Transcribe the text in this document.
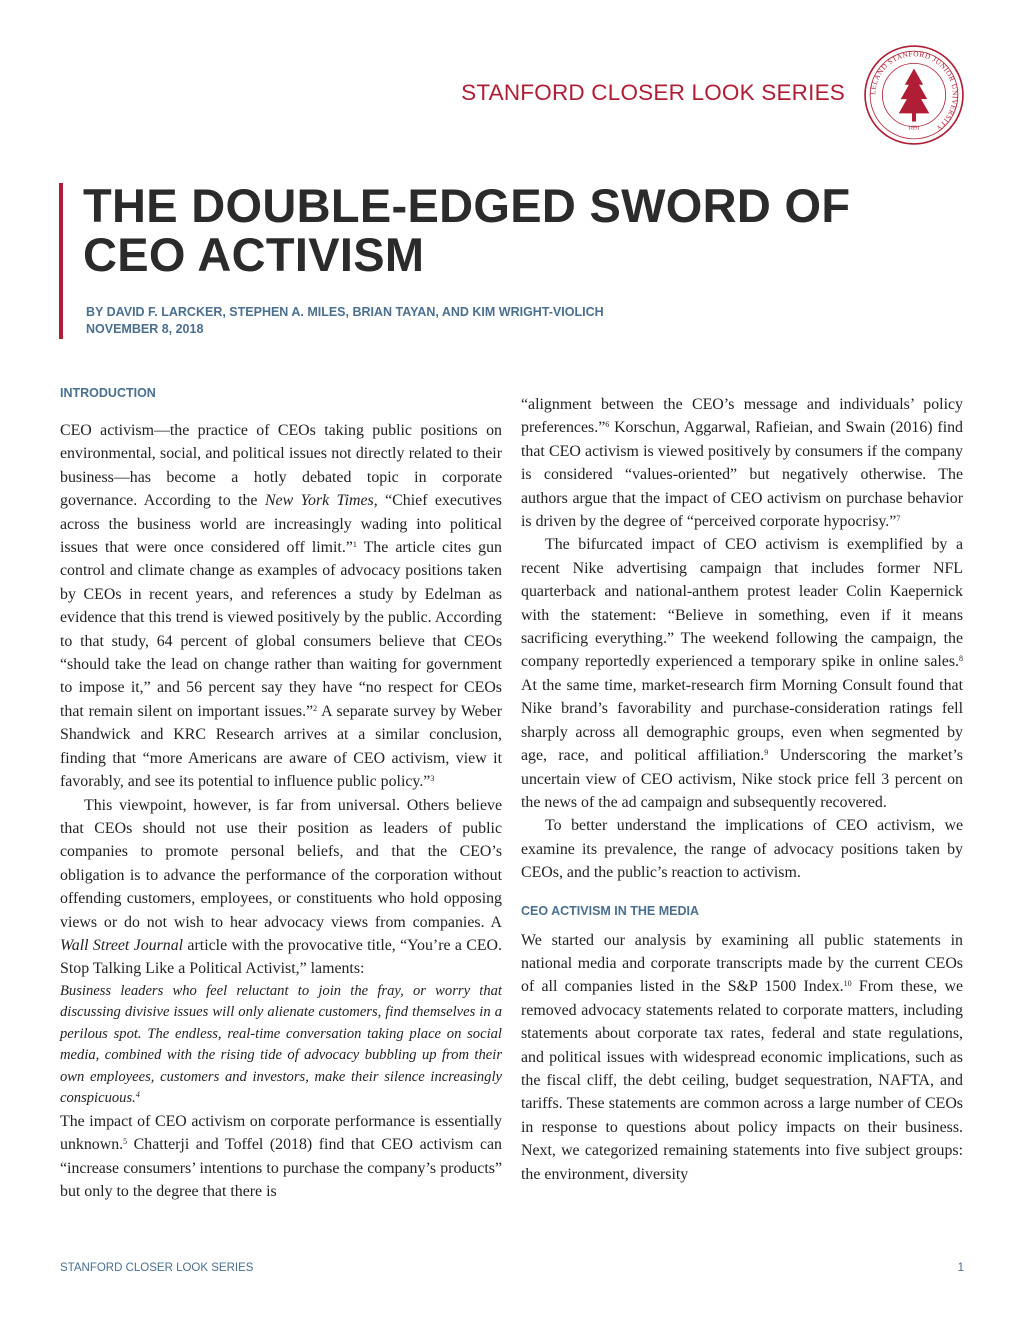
STANFORD CLOSER LOOK SERIES	LELAND STANFORD JUNIOR UNIVERSITY
1891
THE DOUBLE-EDGED SWORD OF
CEO ACTIVISM
BY DAVID F. LARCKER, STEPHEN A. MILES, BRIAN TAYAN, AND KIM WRIGHT-VIOLICH
NOVEMBER 8, 2018
INTRODUCTION

CEO activism—the practice of CEOs taking public positions on environmental, social, and political issues not directly related to their business—has become a hotly debated topic in corporate governance. According to the New York Times, “Chief executives across the business world are increasingly wading into political issues that were once considered off limit.”$^1$ The article cites gun control and climate change as examples of advocacy positions taken by CEOs in recent years, and references a study by Edelman as evidence that this trend is viewed positively by the public. According to that study, 64 percent of global consumers believe that CEOs “should take the lead on change rather than waiting for government to impose it,” and 56 percent say they have “no respect for CEOs that remain silent on important issues.”$^2$ A separate survey by Weber Shandwick and KRC Research arrives at a similar conclusion, finding that “more Americans are aware of CEO activism, view it favorably, and see its potential to influence public policy.”$^3$

This viewpoint, however, is far from universal. Others believe that CEOs should not use their position as leaders of public companies to promote personal beliefs, and that the CEO’s obligation is to advance the performance of the corporation without offending customers, employees, or constituents who hold opposing views or do not wish to hear advocacy views from companies. A Wall Street Journal article with the provocative title, “You’re a CEO. Stop Talking Like a Political Activist,” laments:

Business leaders who feel reluctant to join the fray, or worry that discussing divisive issues will only alienate customers, find themselves in a perilous spot. The endless, real-time conversation taking place on social media, combined with the rising tide of advocacy bubbling up from their own employees, customers and investors, make their silence increasingly conspicuous.$^4$

The impact of CEO activism on corporate performance is essentially unknown.$^5$ Chatterji and Toffel (2018) find that CEO activism can “increase consumers’ intentions to purchase the company’s products” but only to the degree that there is

“alignment between the CEO’s message and individuals’ policy preferences.”$^6$ Korschun, Aggarwal, Rafieian, and Swain (2016) find that CEO activism is viewed positively by consumers if the company is considered “values-oriented” but negatively otherwise. The authors argue that the impact of CEO activism on purchase behavior is driven by the degree of “perceived corporate hypocrisy.”$^7$

The bifurcated impact of CEO activism is exemplified by a recent Nike advertising campaign that includes former NFL quarterback and national-anthem protest leader Colin Kaepernick with the statement: “Believe in something, even if it means sacrificing everything.” The weekend following the campaign, the company reportedly experienced a temporary spike in online sales.$^8$ At the same time, market-research firm Morning Consult found that Nike brand’s favorability and purchase-consideration ratings fell sharply across all demographic groups, even when segmented by age, race, and political affiliation.$^9$ Underscoring the market’s uncertain view of CEO activism, Nike stock price fell 3 percent on the news of the ad campaign and subsequently recovered.

To better understand the implications of CEO activism, we examine its prevalence, the range of advocacy positions taken by CEOs, and the public’s reaction to activism.

CEO ACTIVISM IN THE MEDIA

We started our analysis by examining all public statements in national media and corporate transcripts made by the current CEOs of all companies listed in the S&P 1500 Index.$^{10}$ From these, we removed advocacy statements related to corporate matters, including statements about corporate tax rates, federal and state regulations, and political issues with widespread economic implications, such as the fiscal cliff, the debt ceiling, budget sequestration, NAFTA, and tariffs. These statements are common across a large number of CEOs in response to questions about policy impacts on their business. Next, we categorized remaining statements into five subject groups: the environment, diversity

STANFORD CLOSER LOOK SERIES	1
